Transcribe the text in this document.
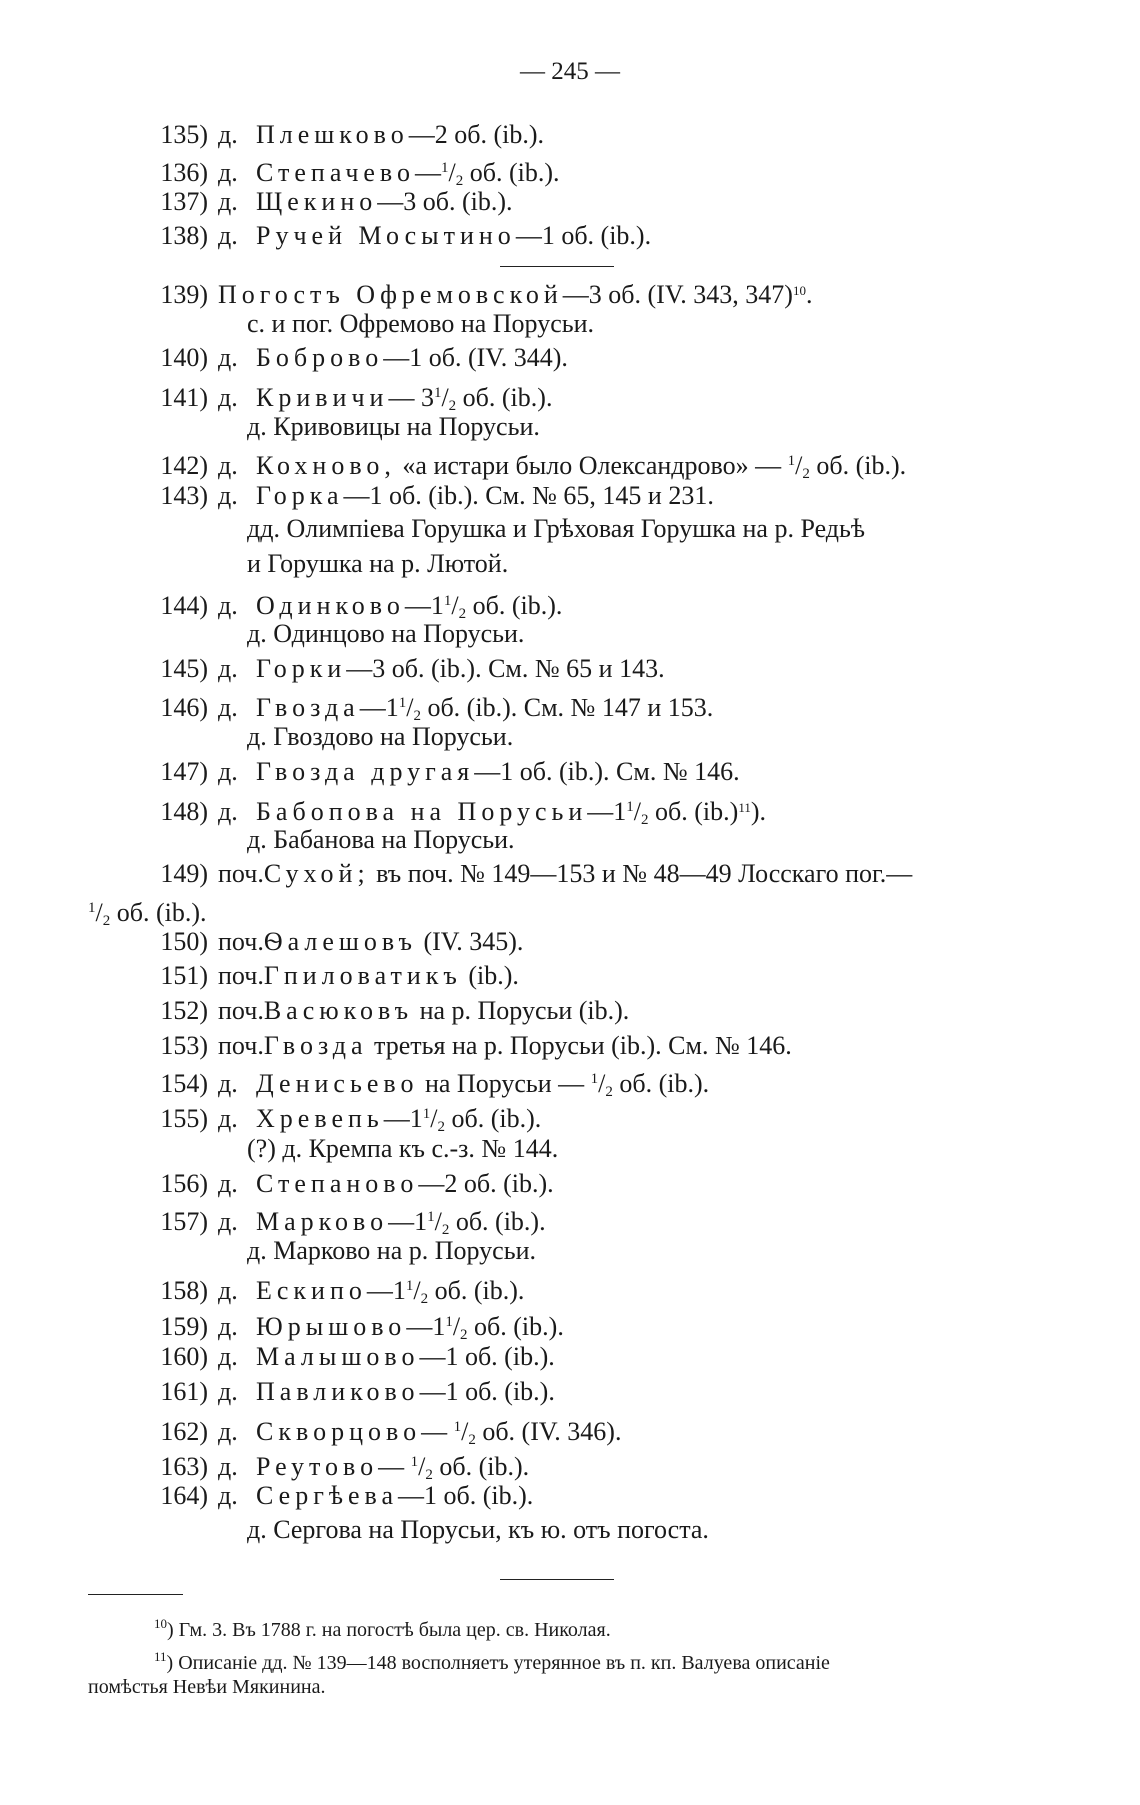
— 245 —
135) д. Плешково—2 об. (ib.).
136) д. $Степачево—^1/_2$ об. (ib.).
137) д. Щекино—3 об. (ib.).
138) д. Ручей Мосытино—1 об. (ib.).
139) Погостъ Офремовской—3 об. (IV. 343, 347)$^{10}$.
с. и пог. Офремово на Порусьи.
140) д. Боброво—1 об. (IV. 344).
141) д. Кривичи— $3^1/_2$ об. (ib.).
д. Кривовицы на Порусьи.
142) д. Кохново, «а истари было Олександрово» — $^1/_2$ об. (ib.).
143) д. Горка—1 об. (ib.). См. № 65, 145 и 231.
дд. Олимпiева Горушка и Грѣховая Горушка на р. Редьѣ
и Горушка на р. Лютой.
144) д. $Одинково—1^1/_2$ об. (ib.).
д. Одинцово на Порусьи.
145) д. Горки—3 об. (ib.). См. № 65 и 143.
146) д. $Гвозда—1^1/_2$ об. (ib.). См. № 147 и 153.
д. Гвоздово на Порусьи.
147) д. Гвозда другая—1 об. (ib.). См. № 146.
148) д. Бабопова на $Порусьи—1^1/_2$ об. $(ib.)^{11}$).
д. Бабанова на Порусьи.
149) поч.Сухой; въ поч. № 149—153 и № 48—49 Лосскаго пог.—
$^1/_2$ об. (ib.).
150) поч.Ѳалешовъ (IV. 345).
151) поч.Гпиловатикъ (ib.).
152) поч.Васюковъ на р. Порусьи (ib.).
153) поч.Гвозда третья на р. Порусьи (ib.). См. № 146.
154) д. Денисьево на Порусьи — $^1/_2$ об. (ib.).
155) д. $Хревепь—1^1/_2$ об. (ib.).
(?) д. Кремпа къ с.-з. № 144.
156) д. Степаново—2 об. (ib.).
157) д. $Марково—1^1/_2$ об. (ib.).
д. Марково на р. Порусьи.
158) д. $Ескипо—1^1/_2$ об. (ib.).
159) д. $Юрышово—1^1/_2$ об. (ib.).
160) д. Малышово—1 об. (ib.).
161) д. Павликово—1 об. (ib.).
162) д. Скворцово— $^1/_2$ об. (IV. 346).
163) д. Реутово— $^1/_2$ об. (ib.).
164) д. Сергѣева—1 об. (ib.).
д. Сергова на Порусьи, къ ю. отъ погоста.
$^{10}$) Гм. 3. Въ 1788 г. на погостѣ была цер. св. Николая.
$^{11}$) Описанiе дд. № 139—148 восполняетъ утерянное въ п. кп. Валуева описанiе
помѣстья Невѣи Мякинина.
